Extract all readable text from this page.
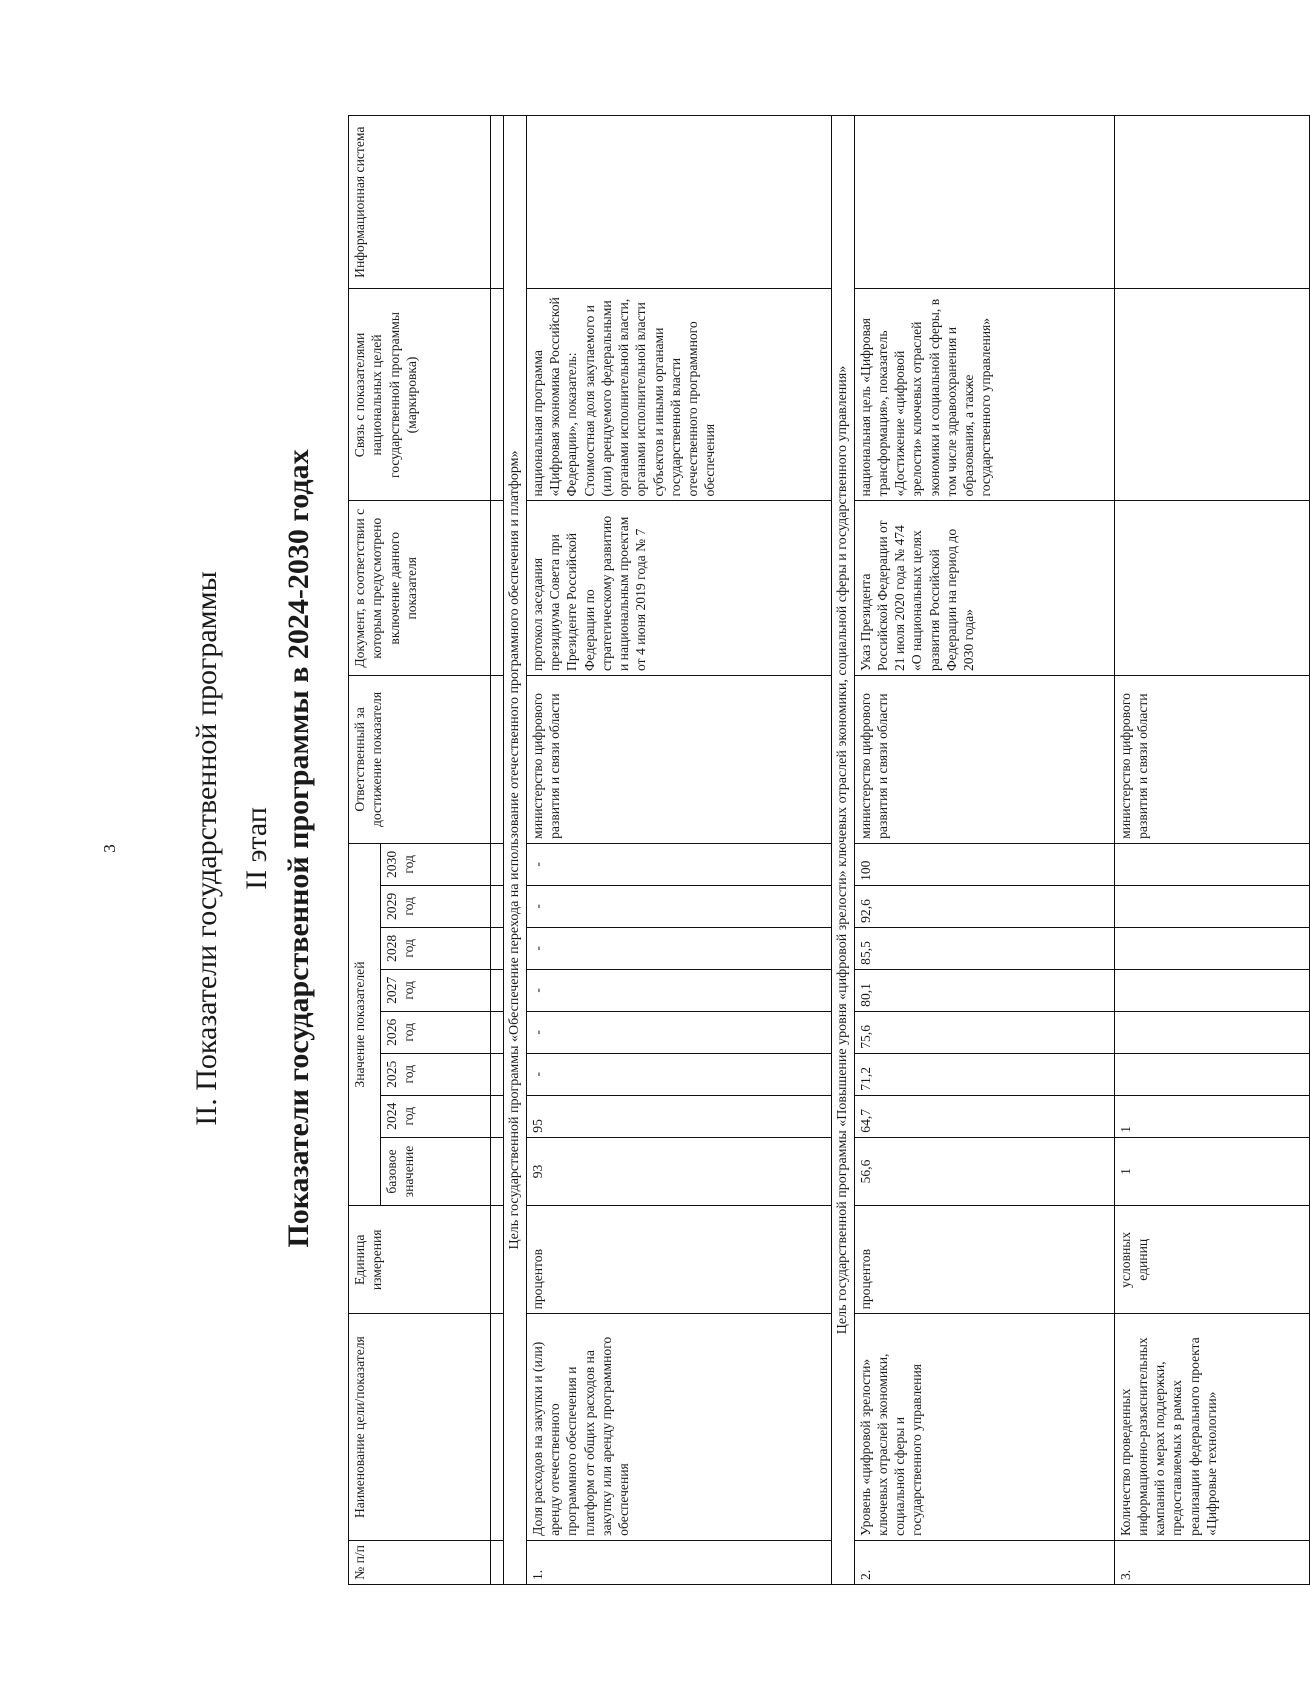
3 II. Показатели государственной программы II этап Показатели государственной программы в 2024-2030 годах
№ п/п	Наименование цели/показателя	Единица измерения	Значение показателей								Ответственный за достижение показателя	Документ, в соответствии с которым предусмотрено включение данного показателя	Связь с показателями национальных целей государственной программы (маркировка)	Информационная система
			базовое значение	2024 год	2025 год	2026 год	2027 год	2028 год	2029 год	2030 год				

Цель государственной программы «Обеспечение перехода на использование отечественного программного обеспечения и платформ»														
1.	Доля расходов на закупки и (или) аренду отечественного программного обеспечения и платформ от общих расходов на закупку или аренду программного обеспечения	процентов	93	95	-	-	-	-	-	-	министерство цифрового развития и связи области	протокол заседания президиума Совета при Президенте Российской Федерации по стратегическому развитию и национальным проектам от 4 июня 2019 года № 7	национальная программа «Цифровая экономика Российской Федерации», показатель: Стоимостная доля закупаемого и (или) арендуемого федеральными органами исполнительной власти, органами исполнительной власти субъектов и иными органами государственной власти отечественного программного обеспечения	
Цель государственной программы «Повышение уровня «цифровой зрелости» ключевых отраслей экономики, социальной сферы и государственного управления»														
2.	Уровень «цифровой зрелости» ключевых отраслей экономики, социальной сферы и государственного управления	процентов	56,6	64,7	71,2	75,6	80,1	85,5	92,6	100	министерство цифрового развития и связи области	Указ Президента Российской Федерации от 21 июля 2020 года № 474 «О национальных целях развития Российской Федерации на период до 2030 года»	национальная цель «Цифровая трансформация», показатель «Достижение «цифровой зрелости» ключевых отраслей экономики и социальной сферы, в том числе здравоохранения и образования, а также государственного управления»	
3.	Количество проведенных информационно-разъяснительных кампаний о мерах поддержки, предоставляемых в рамках реализации федерального проекта «Цифровые технологии»	условных единиц	1	1							министерство цифрового развития и связи области			
